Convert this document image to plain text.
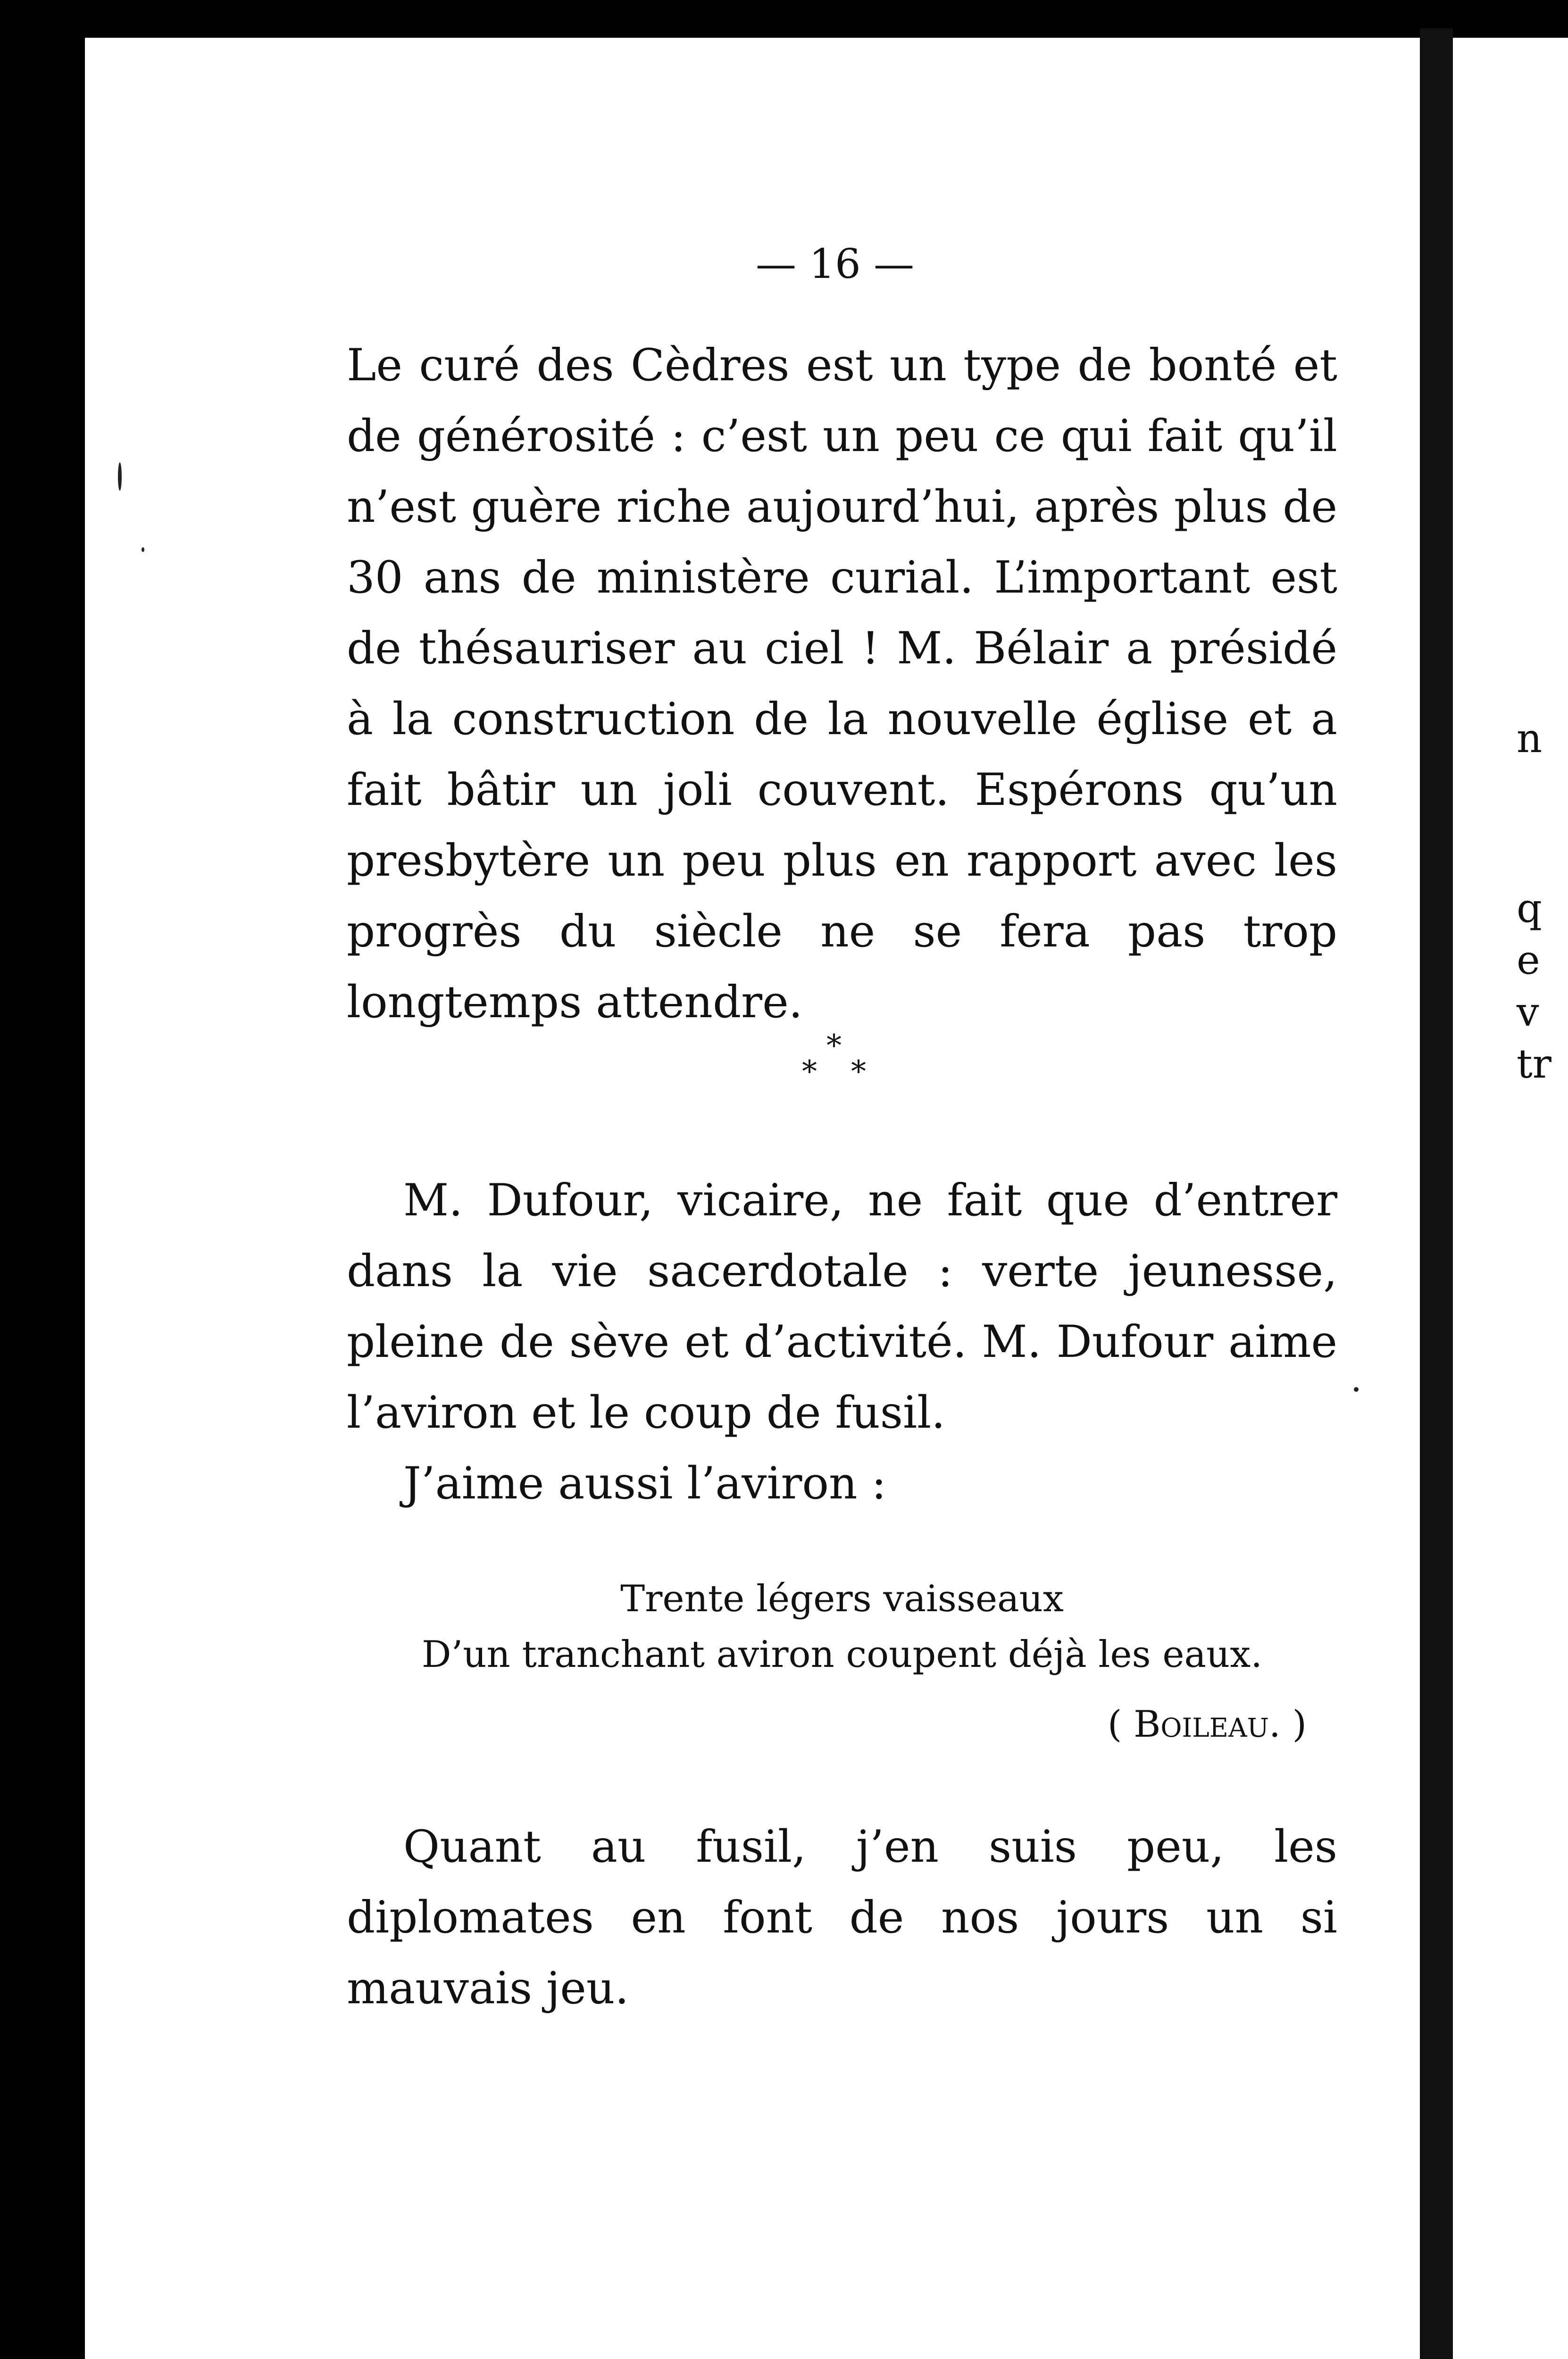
— 16 —

Le curé des Cèdres est un type de bonté et de générosité : c’est un peu ce qui fait qu’il n’est guère riche aujourd’hui, après plus de 30 ans de ministère curial. L’important est de thésauriser au ciel ! M. Bélair a présidé à la construction de la nouvelle église et a fait bâtir un joli couvent. Espérons qu’un presbytère un peu plus en rapport avec les progrès du siècle ne se fera pas trop longtemps attendre.

*
* *

M. Dufour, vicaire, ne fait que d’entrer dans la vie sacerdotale : verte jeunesse, pleine de sève et d’activité. M. Dufour aime l’aviron et le coup de fusil.

J’aime aussi l’aviron :

Trente légers vaisseaux
D’un tranchant aviron coupent déjà les eaux.
( Boileau. )

Quant au fusil, j’en suis peu, les diplomates en font de nos jours un si mauvais jeu.

n
q
e
v
tr
